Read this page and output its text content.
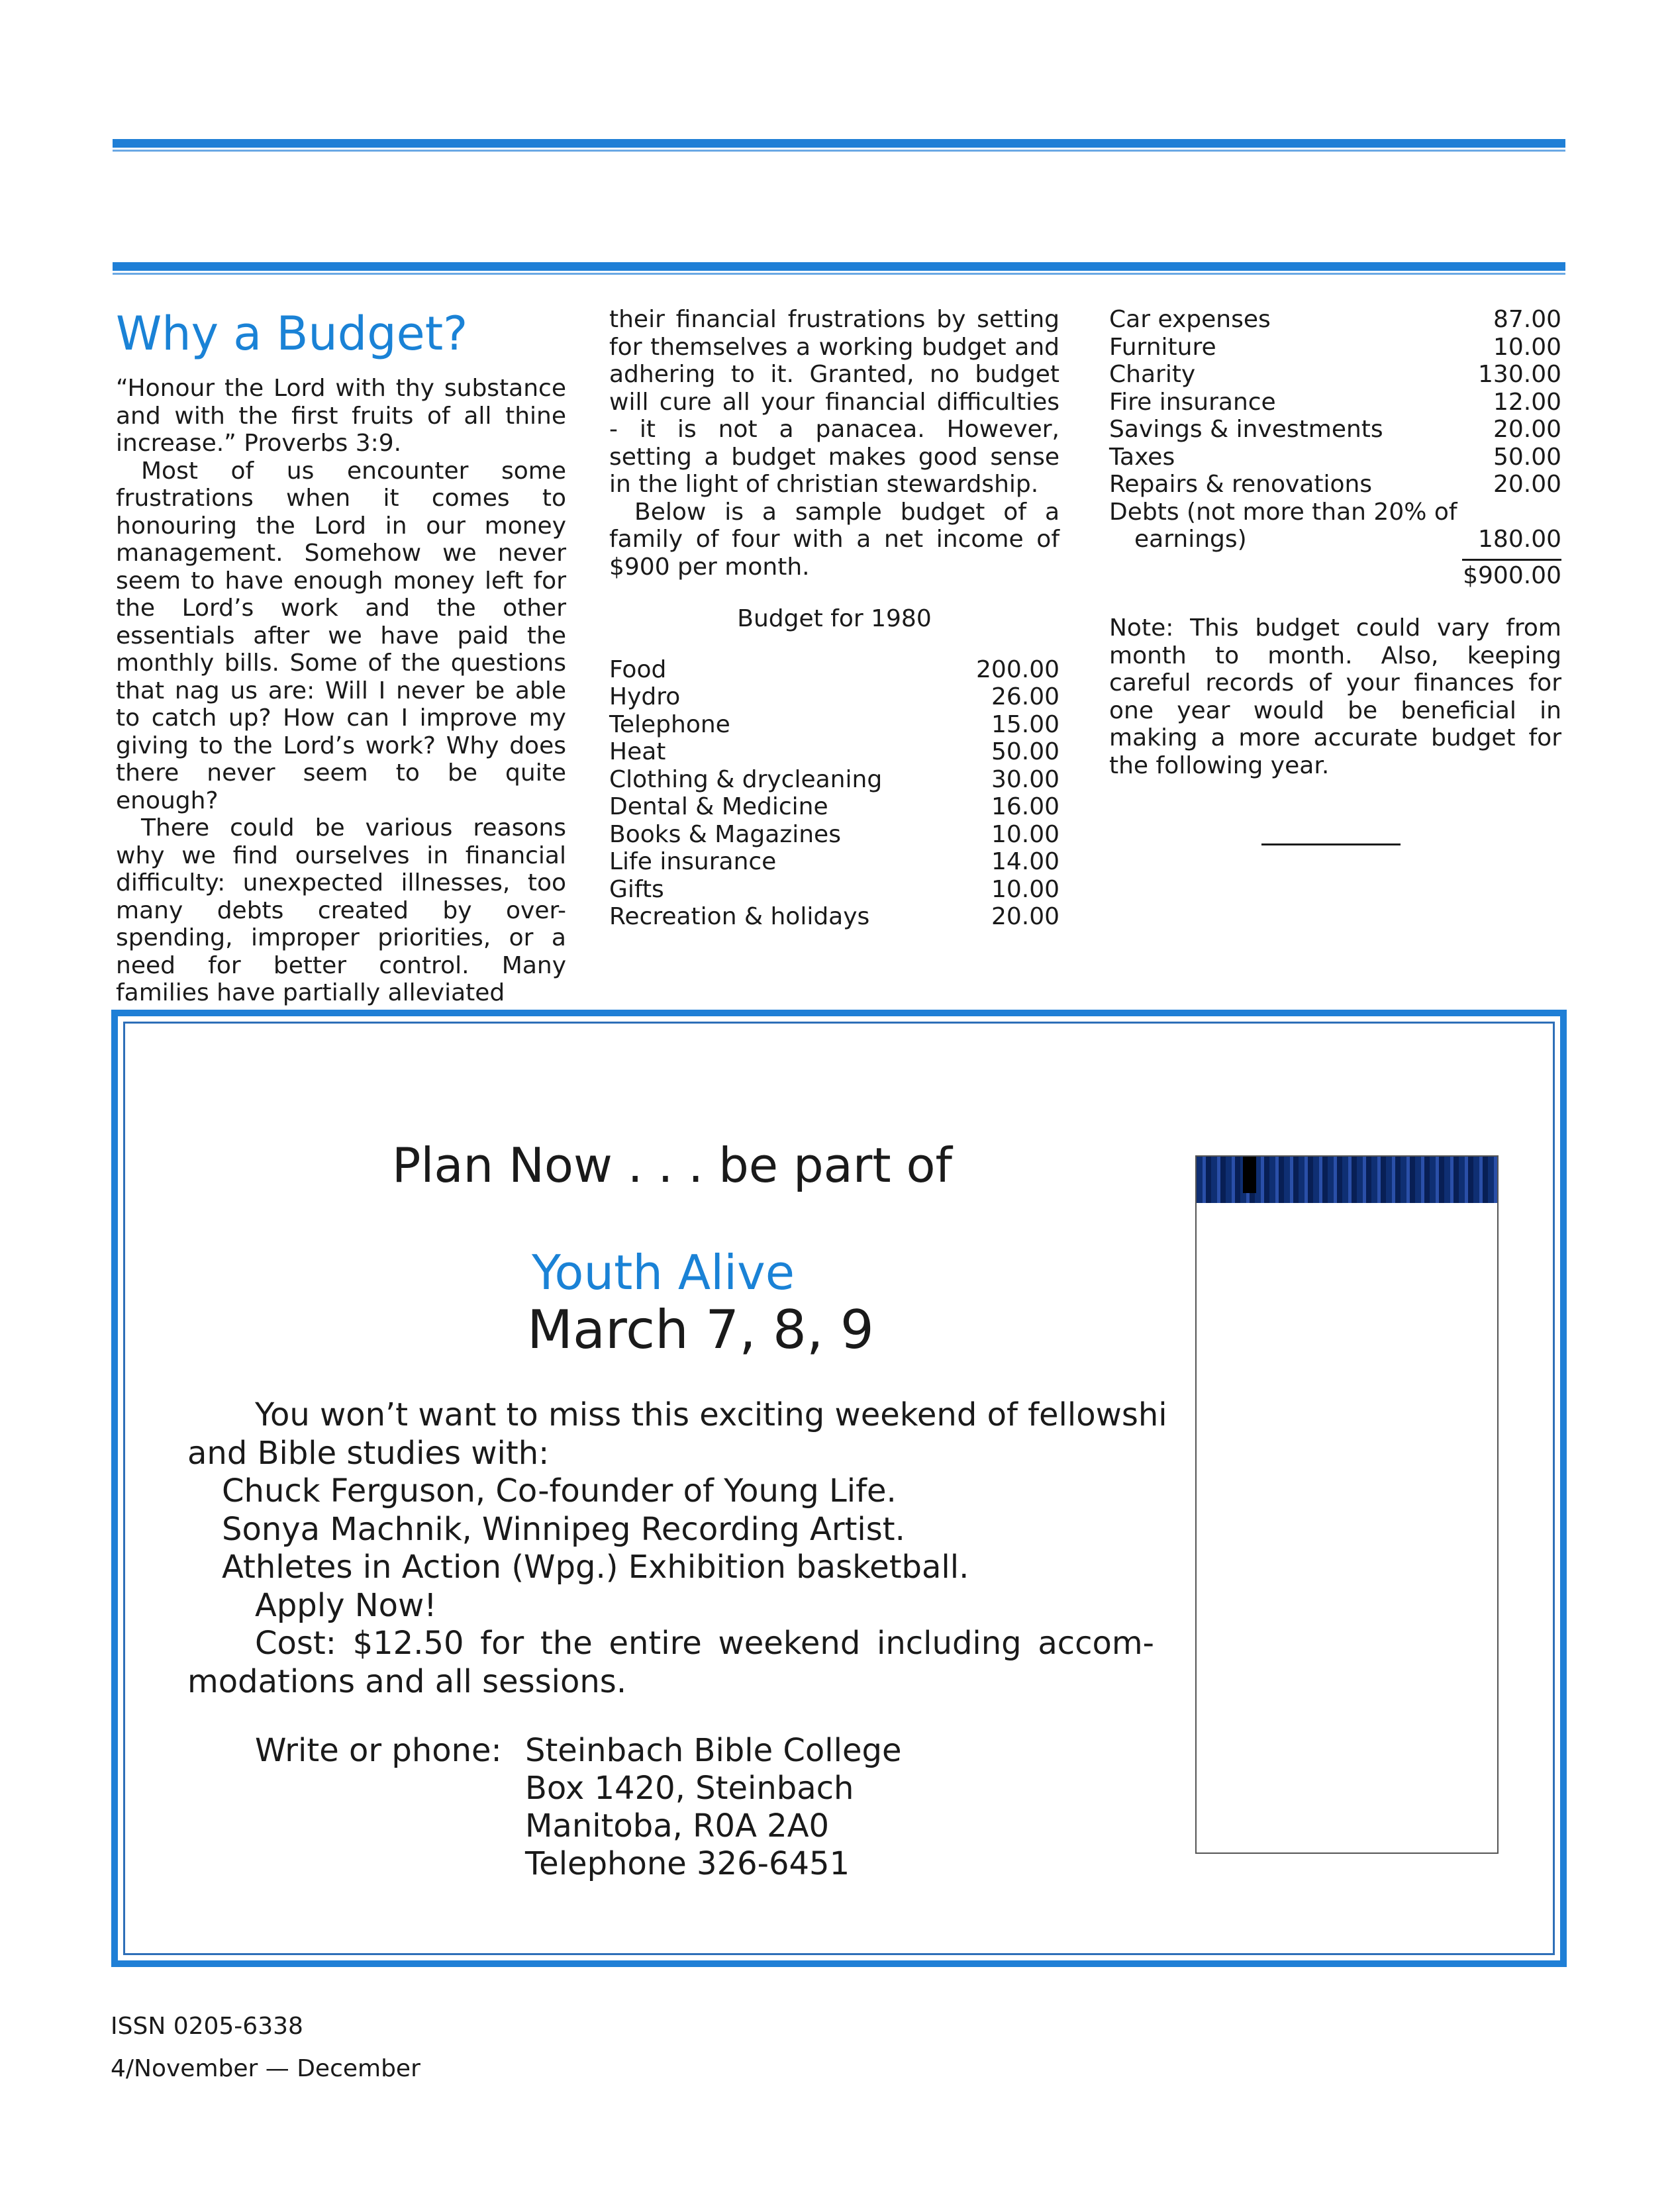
Why a Budget?

“Honour the Lord with thy substance and with the first fruits of all thine increase.” Proverbs 3:9.

Most of us encounter some frustrations when it comes to honouring the Lord in our money management. Somehow we never seem to have enough money left for the Lord’s work and the other essentials after we have paid the monthly bills. Some of the questions that nag us are: Will I never be able to catch up? How can I improve my giving to the Lord’s work? Why does there never seem to be quite enough?

There could be various reasons why we find ourselves in financial difficulty: unexpected illnesses, too many debts created by over-spending, improper priorities, or a need for better control. Many families have partially alleviated

their financial frustrations by setting for themselves a working budget and adhering to it. Granted, no budget will cure all your financial difficulties - it is not a panacea. However, setting a budget makes good sense in the light of christian stewardship.

Below is a sample budget of a family of four with a net income of $900 per month.

Budget for 1980
Food	200.00
Hydro	26.00
Telephone	15.00
Heat	50.00
Clothing & drycleaning	30.00
Dental & Medicine	16.00
Books & Magazines	10.00
Life insurance	14.00
Gifts	10.00
Recreation & holidays	20.00
Car expenses	87.00
Furniture	10.00
Charity	130.00
Fire insurance	12.00
Savings & investments	20.00
Taxes	50.00
Repairs & renovations	20.00
Debts (not more than 20% of
earnings)	180.00
$900.00

Note: This budget could vary from month to month. Also, keeping careful records of your finances for one year would be beneficial in making a more accurate budget for the following year.

Plan Now . . . be part of
Youth Alive
March 7, 8, 9
You won’t want to miss this exciting weekend of fellowshi
and Bible studies with:
Chuck Ferguson, Co-founder of Young Life.
Sonya Machnik, Winnipeg Recording Artist.
Athletes in Action (Wpg.) Exhibition basketball.
Apply Now!
Cost: $12.50 for the entire weekend including accom-
modations and all sessions.
Write or phone: Steinbach Bible College
Box 1420, Steinbach
Manitoba, R0A 2A0
Telephone 326-6451
ISSN 0205-6338
4/November — December
